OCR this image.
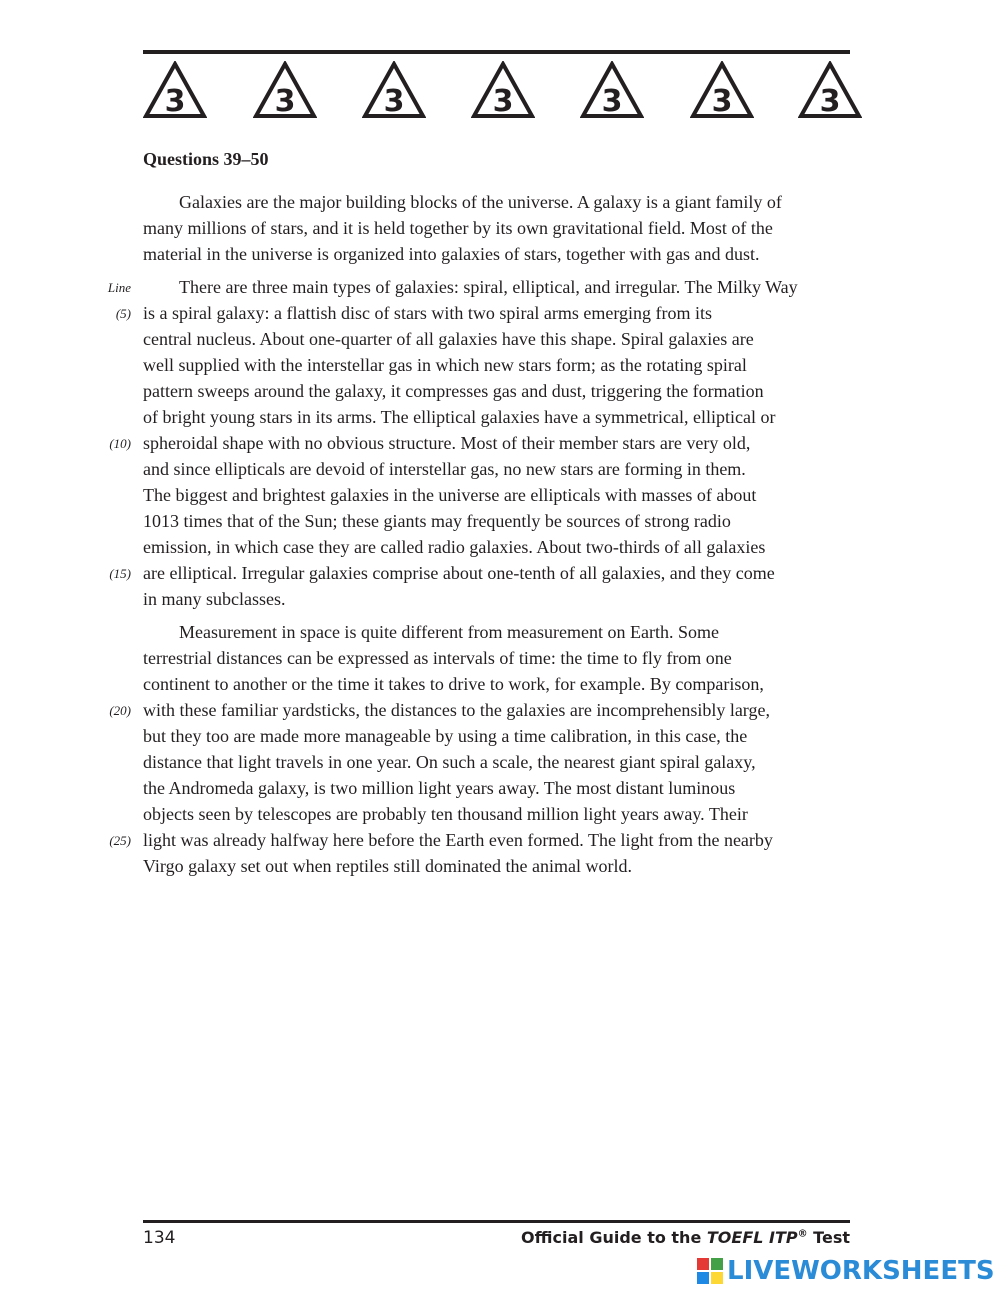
3	3	3	3	3	3	3
Questions 39–50
Galaxies are the major building blocks of the universe. A galaxy is a giant family of
many millions of stars, and it is held together by its own gravitational field. Most of the
material in the universe is organized into galaxies of stars, together with gas and dust.
There are three main types of galaxies: spiral, elliptical, and irregular. The Milky Way
Line
is a spiral galaxy: a flattish disc of stars with two spiral arms emerging from its
(5)
central nucleus. About one-quarter of all galaxies have this shape. Spiral galaxies are
well supplied with the interstellar gas in which new stars form; as the rotating spiral
pattern sweeps around the galaxy, it compresses gas and dust, triggering the formation
of bright young stars in its arms. The elliptical galaxies have a symmetrical, elliptical or
spheroidal shape with no obvious structure. Most of their member stars are very old,
(10)
and since ellipticals are devoid of interstellar gas, no new stars are forming in them.
The biggest and brightest galaxies in the universe are ellipticals with masses of about
1013 times that of the Sun; these giants may frequently be sources of strong radio
emission, in which case they are called radio galaxies. About two-thirds of all galaxies
are elliptical. Irregular galaxies comprise about one-tenth of all galaxies, and they come
(15)
in many subclasses.
Measurement in space is quite different from measurement on Earth. Some
terrestrial distances can be expressed as intervals of time: the time to fly from one
continent to another or the time it takes to drive to work, for example. By comparison,
with these familiar yardsticks, the distances to the galaxies are incomprehensibly large,
(20)
but they too are made more manageable by using a time calibration, in this case, the
distance that light travels in one year. On such a scale, the nearest giant spiral galaxy,
the Andromeda galaxy, is two million light years away. The most distant luminous
objects seen by telescopes are probably ten thousand million light years away. Their
light was already halfway here before the Earth even formed. The light from the nearby
(25)
Virgo galaxy set out when reptiles still dominated the animal world.
134	Official Guide to the TOEFL ITP® Test
LIVEWORKSHEETS
